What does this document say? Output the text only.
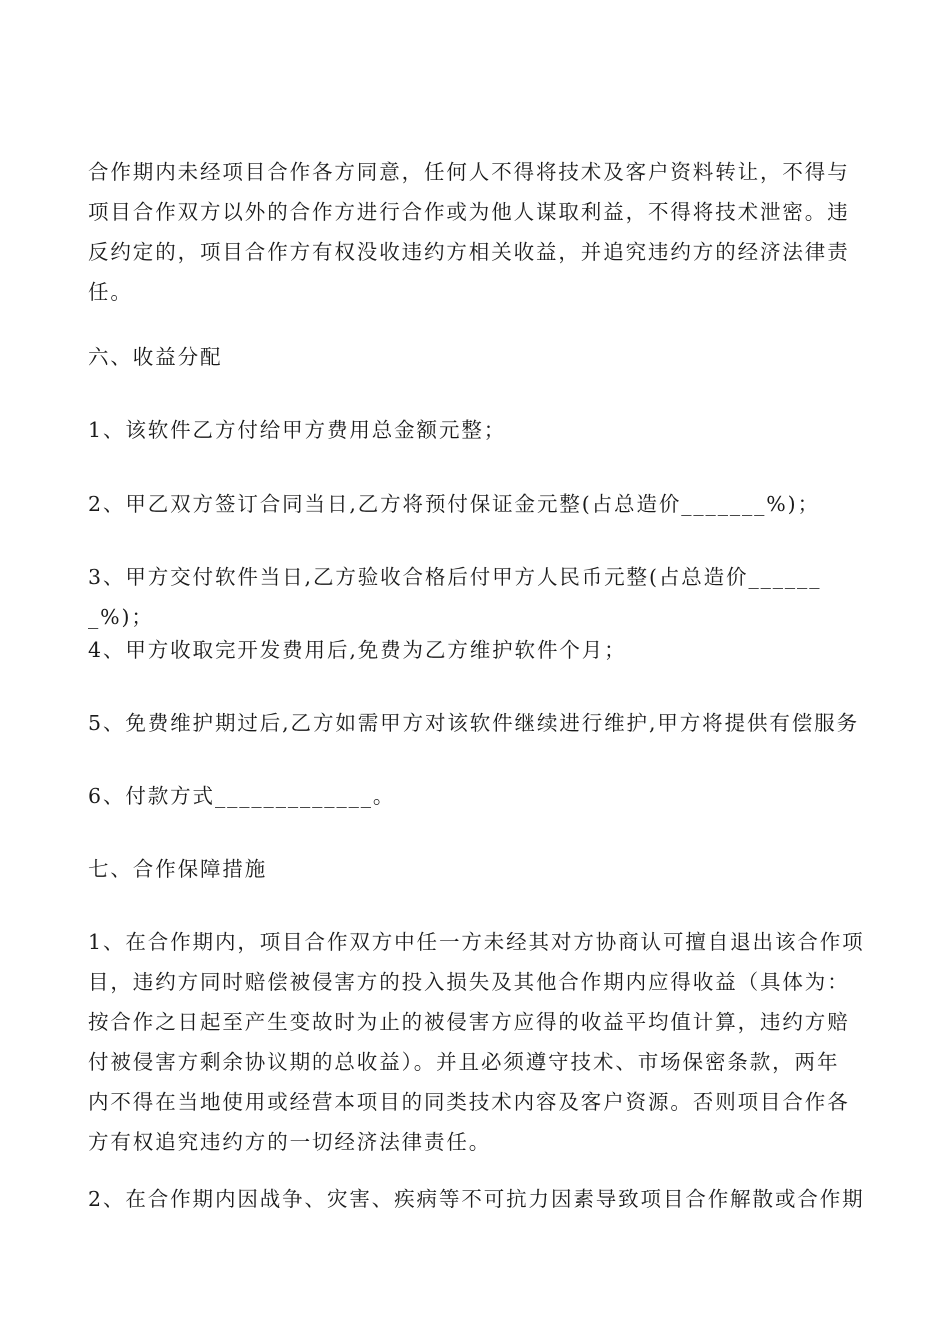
合作期内未经项目合作各方同意，任何人不得将技术及客户资料转让，不得与
项目合作双方以外的合作方进行合作或为他人谋取利益，不得将技术泄密。违
反约定的，项目合作方有权没收违约方相关收益，并追究违约方的经济法律责
任。
六、收益分配
1、该软件乙方付给甲方费用总金额元整；
2、甲乙双方签订合同当日,乙方将预付保证金元整(占总造价_______%)；
3、甲方交付软件当日,乙方验收合格后付甲方人民币元整(占总造价_______%)；
4、甲方收取完开发费用后,免费为乙方维护软件个月；
5、免费维护期过后,乙方如需甲方对该软件继续进行维护,甲方将提供有偿服务
6、付款方式_____________。
七、合作保障措施
1、在合作期内，项目合作双方中任一方未经其对方协商认可擅自退出该合作项
目，违约方同时赔偿被侵害方的投入损失及其他合作期内应得收益（具体为：
按合作之日起至产生变故时为止的被侵害方应得的收益平均值计算，违约方赔
付被侵害方剩余协议期的总收益）。并且必须遵守技术、市场保密条款，两年
内不得在当地使用或经营本项目的同类技术内容及客户资源。否则项目合作各
方有权追究违约方的一切经济法律责任。
2、在合作期内因战争、灾害、疾病等不可抗力因素导致项目合作解散或合作期
